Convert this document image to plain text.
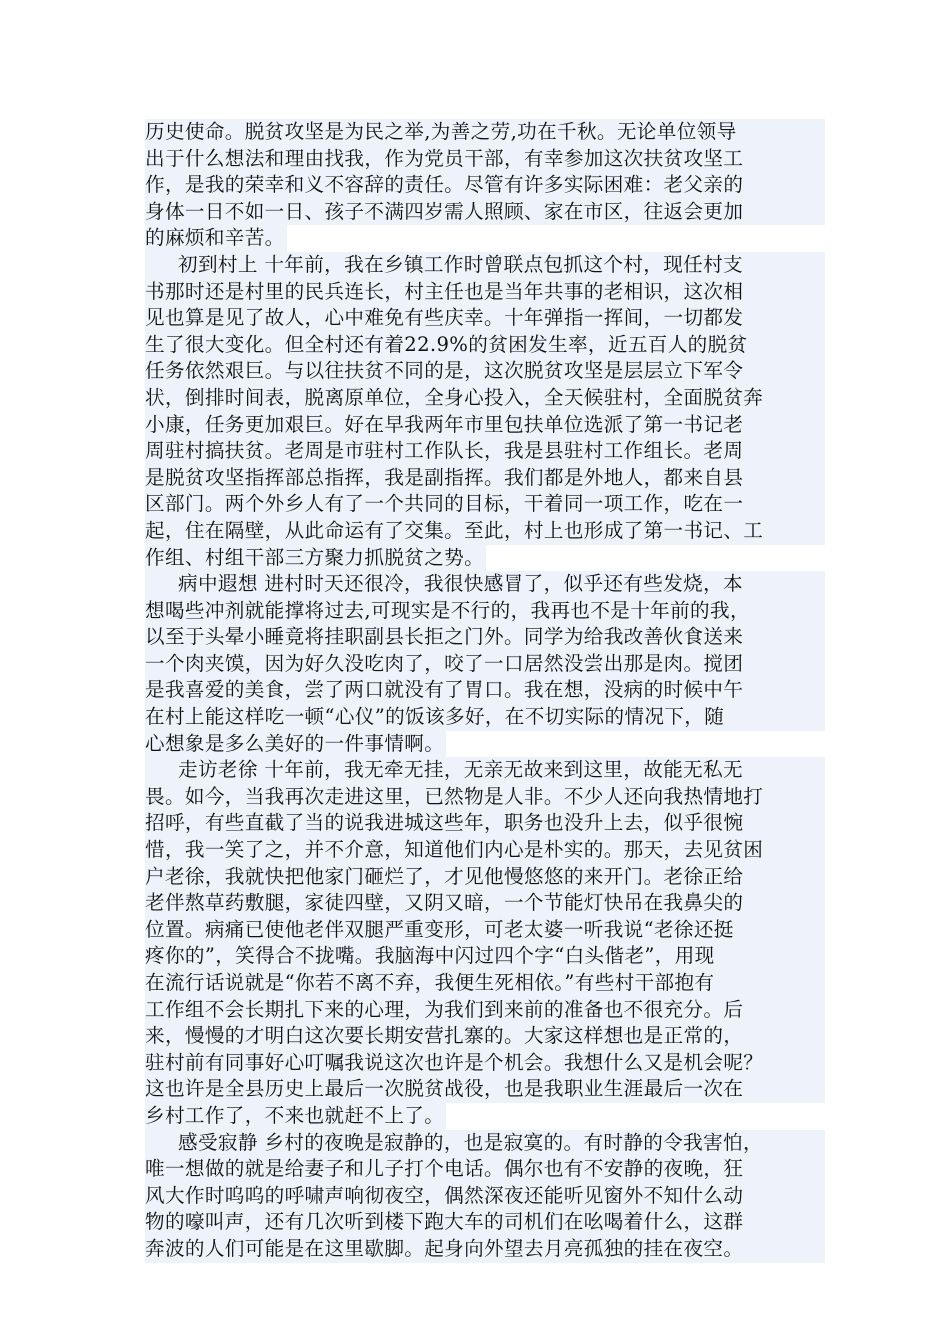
历史使命。脱贫攻坚是为民之举,为善之劳,功在千秋。无论单位领导
出于什么想法和理由找我，作为党员干部，有幸参加这次扶贫攻坚工
作，是我的荣幸和义不容辞的责任。尽管有许多实际困难：老父亲的
身体一日不如一日、孩子不满四岁需人照顾、家在市区，往返会更加
的麻烦和辛苦。
初到村上 十年前，我在乡镇工作时曾联点包抓这个村，现任村支
书那时还是村里的民兵连长，村主任也是当年共事的老相识，这次相
见也算是见了故人，心中难免有些庆幸。十年弹指一挥间，一切都发
生了很大变化。但全村还有着22.9%的贫困发生率，近五百人的脱贫
任务依然艰巨。与以往扶贫不同的是，这次脱贫攻坚是层层立下军令
状，倒排时间表，脱离原单位，全身心投入，全天候驻村，全面脱贫奔
小康，任务更加艰巨。好在早我两年市里包扶单位选派了第一书记老
周驻村搞扶贫。老周是市驻村工作队长，我是县驻村工作组长。老周
是脱贫攻坚指挥部总指挥，我是副指挥。我们都是外地人，都来自县
区部门。两个外乡人有了一个共同的目标，干着同一项工作，吃在一
起，住在隔壁，从此命运有了交集。至此，村上也形成了第一书记、工
作组、村组干部三方聚力抓脱贫之势。
病中遐想 进村时天还很冷，我很快感冒了，似乎还有些发烧，本
想喝些冲剂就能撑将过去,可现实是不行的，我再也不是十年前的我，
以至于头晕小睡竟将挂职副县长拒之门外。同学为给我改善伙食送来
一个肉夹馍，因为好久没吃肉了，咬了一口居然没尝出那是肉。搅团
是我喜爱的美食，尝了两口就没有了胃口。我在想，没病的时候中午
在村上能这样吃一顿“心仪”的饭该多好，在不切实际的情况下，随
心想象是多么美好的一件事情啊。
走访老徐 十年前，我无牵无挂，无亲无故来到这里，故能无私无
畏。如今，当我再次走进这里，已然物是人非。不少人还向我热情地打
招呼，有些直截了当的说我进城这些年，职务也没升上去，似乎很惋
惜，我一笑了之，并不介意，知道他们内心是朴实的。那天，去见贫困
户老徐，我就快把他家门砸烂了，才见他慢悠悠的来开门。老徐正给
老伴熬草药敷腿，家徒四壁，又阴又暗，一个节能灯快吊在我鼻尖的
位置。病痛已使他老伴双腿严重变形，可老太婆一听我说“老徐还挺
疼你的”，笑得合不拢嘴。我脑海中闪过四个字“白头偕老”，用现
在流行话说就是“你若不离不弃，我便生死相依。”有些村干部抱有
工作组不会长期扎下来的心理，为我们到来前的准备也不很充分。后
来，慢慢的才明白这次要长期安营扎寨的。大家这样想也是正常的，
驻村前有同事好心叮嘱我说这次也许是个机会。我想什么又是机会呢？
这也许是全县历史上最后一次脱贫战役，也是我职业生涯最后一次在
乡村工作了，不来也就赶不上了。
感受寂静 乡村的夜晚是寂静的，也是寂寞的。有时静的令我害怕，
唯一想做的就是给妻子和儿子打个电话。偶尔也有不安静的夜晚，狂
风大作时呜呜的呼啸声响彻夜空，偶然深夜还能听见窗外不知什么动
物的嚎叫声，还有几次听到楼下跑大车的司机们在吆喝着什么，这群
奔波的人们可能是在这里歇脚。起身向外望去月亮孤独的挂在夜空。
